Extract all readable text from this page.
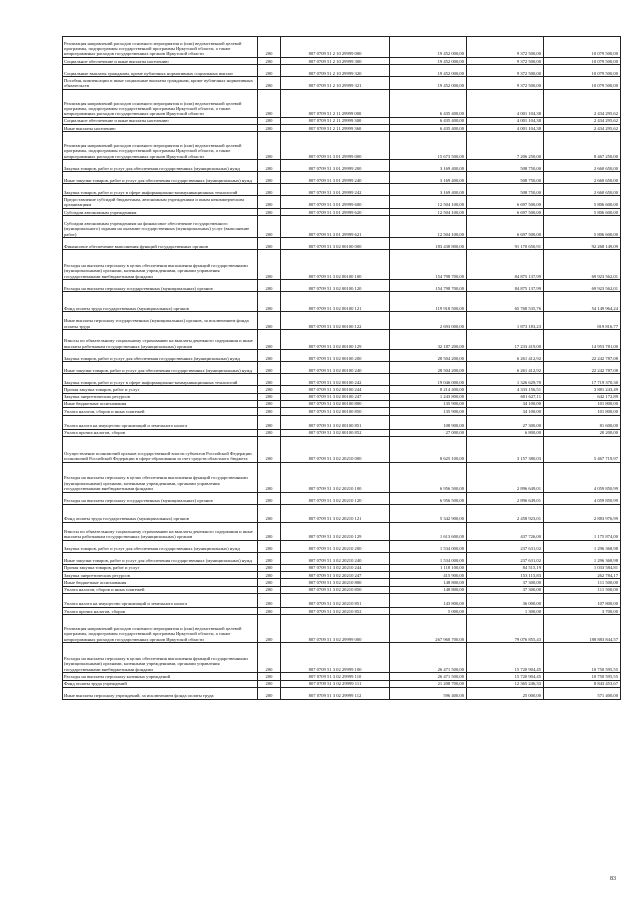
Реализация направлений расходов основного мероприятия и (или) ведомственной целевой программы, подпрограммы государственной программы Иркутской области, а также непрограммных расходов государственных органов Иркутской области	200	807 0709 51 2 10 29999 000	19 452 000,00	9 372 500,00	10 079 500,00
Социальное обеспечение и иные выплаты населению	200	807 0709 51 2 10 29999 300	19 452 000,00	9 372 500,00	10 079 500,00
Социальные выплаты гражданам, кроме публичных нормативных социальных выплат	200	807 0709 51 2 10 29999 320	19 452 000,00	9 372 500,00	10 079 500,00
Пособия, компенсации и иные социальные выплаты гражданам, кроме публичных нормативных обязательств	200	807 0709 51 2 10 29999 321	19 452 000,00	9 372 500,00	10 079 500,00
Реализация направлений расходов основного мероприятия и (или) ведомственной целевой программы, подпрограммы государственной программы Иркутской области, а также непрограммных расходов государственных органов Иркутской области	200	807 0709 51 2 11 29999 000	6 435 400,00	4 001 104,38	2 434 295,62
Социальное обеспечение и иные выплаты населению	200	807 0709 51 2 11 29999 300	6 435 400,00	4 001 104,38	2 434 295,62
Иные выплаты населению	200	807 0709 51 2 11 29999 360	6 435 400,00	4 001 104,38	2 434 295,62
Реализация направлений расходов основного мероприятия и (или) ведомственной целевой программы, подпрограммы государственной программы Иркутской области, а также непрограммных расходов государственных органов Иркутской области	200	807 0709 51 3 01 29999 000	15 673 500,00	7 206 250,00	8 467 250,00
Закупка товаров, работ и услуг для обеспечения государственных (муниципальных) нужд	200	807 0709 51 3 01 29999 200	3 169 400,00	508 750,00	2 660 650,00
Иные закупки товаров, работ и услуг для обеспечения государственных (муниципальных) нужд	200	807 0709 51 3 01 29999 240	3 169 400,00	508 750,00	2 660 650,00
Закупка товаров, работ и услуг в сфере информационно-коммуникационных технологий	200	807 0709 51 3 01 29999 242	3 169 400,00	508 750,00	2 660 650,00
Предоставление субсидий бюджетным, автономным учреждениям и иным некоммерческим организациям	200	807 0709 51 3 01 29999 600	12 504 100,00	6 697 500,00	5 806 600,00
Субсидии автономным учреждениям	200	807 0709 51 3 01 29999 620	12 504 100,00	6 697 500,00	5 806 600,00
Субсидии автономным учреждениям на финансовое обеспечение государственного (муниципального) задания на оказание государственных (муниципальных) услуг (выполнение работ)	200	807 0709 51 3 01 29999 621	12 504 100,00	6 697 500,00	5 806 600,00
Финансовое обеспечение выполнения функций государственных органов	200	807 0709 51 3 02 00100 000	183 438 800,00	91 170 650,91	92 268 149,09
Расходы на выплаты персоналу в целях обеспечения выполнения функций государственными (муниципальными) органами, казенными учреждениями, органами управления государственными внебюджетными фондами	200	807 0709 51 3 02 00100 100	154 798 700,00	84 875 137,99	69 923 562,01
Расходы на выплаты персоналу государственных (муниципальных) органов	200	807 0709 51 3 02 00100 120	154 798 700,00	84 875 137,99	69 923 562,01
Фонд оплаты труда государственных (муниципальных) органов	200	807 0709 51 3 02 00100 121	119 918 500,00	65 768 535,76	54 149 964,24
Иные выплаты персоналу государственных (муниципальных) органов, за исключением фонда оплаты труда	200	807 0709 51 3 02 00100 122	2 693 000,00	1 873 183,23	819 816,77
Взносы по обязательному социальному страхованию на выплаты денежного содержания и иные выплаты работникам государственных (муниципальных) органов	200	807 0709 51 3 02 00100 129	32 187 200,00	17 233 419,00	14 953 781,00
Закупка товаров, работ и услуг для обеспечения государственных (муниципальных) нужд	200	807 0709 51 3 02 00100 200	28 504 200,00	6 261 412,92	22 242 787,08
Иные закупки товаров, работ и услуг для обеспечения государственных (муниципальных) нужд	200	807 0709 51 3 02 00100 240	28 504 200,00	6 261 412,92	22 242 787,08
Закупка товаров, работ и услуг в сфере информационно-коммуникационных технологий	200	807 0709 51 3 02 00100 242	19 046 000,00	1 326 629,70	17 719 370,30
Прочая закупка товаров, работ и услуг	200	807 0709 51 3 02 00100 244	8 214 400,00	4 333 156,51	3 881 243,49
Закупка энергетических ресурсов	200	807 0709 51 3 02 00100 247	1 243 800,00	601 627,11	642 172,89
Иные бюджетные ассигнования	200	807 0709 51 3 02 00100 800	135 900,00	34 100,00	101 800,00
Уплата налогов, сборов и иных платежей	200	807 0709 51 3 02 00100 850	135 900,00	34 100,00	101 800,00
Уплата налога на имущество организаций и земельного налога	200	807 0709 51 3 02 00100 851	108 900,00	27 300,00	81 600,00
Уплата прочих налогов, сборов	200	807 0709 51 3 02 00100 852	27 000,00	6 800,00	20 200,00
Осуществление полномочий органов государственной власти субъектов Российской Федерации полномочий Российской Федерации в сфере образования за счет средств областного бюджета	200	807 0709 51 3 02 20210 000	8 625 100,00	3 157 380,03	5 467 719,97
Расходы на выплаты персоналу в целях обеспечения выполнения функций государственными (муниципальными) органами, казенными учреждениями, органами управления государственными внебюджетными фондами	200	807 0709 51 3 02 20210 100	6 956 500,00	2 896 649,01	4 059 850,99
Расходы на выплаты персоналу государственных (муниципальных) органов	200	807 0709 51 3 02 20210 120	6 956 500,00	2 896 649,01	4 059 850,99
Фонд оплаты труда государственных (муниципальных) органов	200	807 0709 51 3 02 20210 121	5 342 900,00	2 458 923,01	2 883 976,99
Взносы по обязательному социальному страхованию на выплаты денежного содержания и иные выплаты работникам государственных (муниципальных) органов	200	807 0709 51 3 02 20210 129	1 613 600,00	437 726,00	1 175 874,00
Закупка товаров, работ и услуг для обеспечения государственных (муниципальных) нужд	200	807 0709 51 3 02 20210 200	1 534 000,00	237 631,02	1 296 368,98
Иные закупки товаров, работ и услуг для обеспечения государственных (муниципальных) нужд	200	807 0709 51 3 02 20210 240	1 534 000,00	237 631,02	1 296 368,98
Прочая закупка товаров, работ и услуг	200	807 0709 51 3 02 20210 244	1 118 100,00	84 515,19	1 033 584,81
Закупка энергетических ресурсов	200	807 0709 51 3 02 20210 247	415 900,00	153 115,83	262 784,17
Иные бюджетные ассигнования	200	807 0709 51 3 02 20210 800	148 800,00	37 300,00	111 500,00
Уплата налогов, сборов и иных платежей	200	807 0709 51 3 02 20210 850	148 800,00	37 300,00	111 500,00
Уплата налога на имущество организаций и земельного налога	200	807 0709 51 3 02 20210 851	143 800,00	36 000,00	107 800,00
Уплата прочих налогов, сборов	200	807 0709 51 3 02 20210 852	5 000,00	1 300,00	3 700,00
Реализация направлений расходов основного мероприятия и (или) ведомственной целевой программы, подпрограммы государственной программы Иркутской области, а также непрограммных расходов государственных органов Иркутской области	200	807 0709 51 3 02 29999 000	267 960 700,00	79 076 855,43	188 883 844,57
Расходы на выплаты персоналу в целях обеспечения выполнения функций государственными (муниципальными) органами, казенными учреждениями, органами управления государственными внебюджетными фондами	200	807 0709 51 3 02 29999 100	26 471 500,00	15 720 904,45	10 750 595,55
Расходы на выплаты персоналу казенных учреждений	200	807 0709 51 3 02 29999 110	26 471 500,00	15 720 904,45	10 750 595,55
Фонд оплаты труда учреждений	200	807 0709 51 3 02 29999 111	21 208 700,00	12 365 246,33	8 843 453,67
Иные выплаты персоналу учреждений, за исключением фонда оплаты труда	200	807 0709 51 3 02 29999 112	596 400,00	25 000,00	571 400,00
83
